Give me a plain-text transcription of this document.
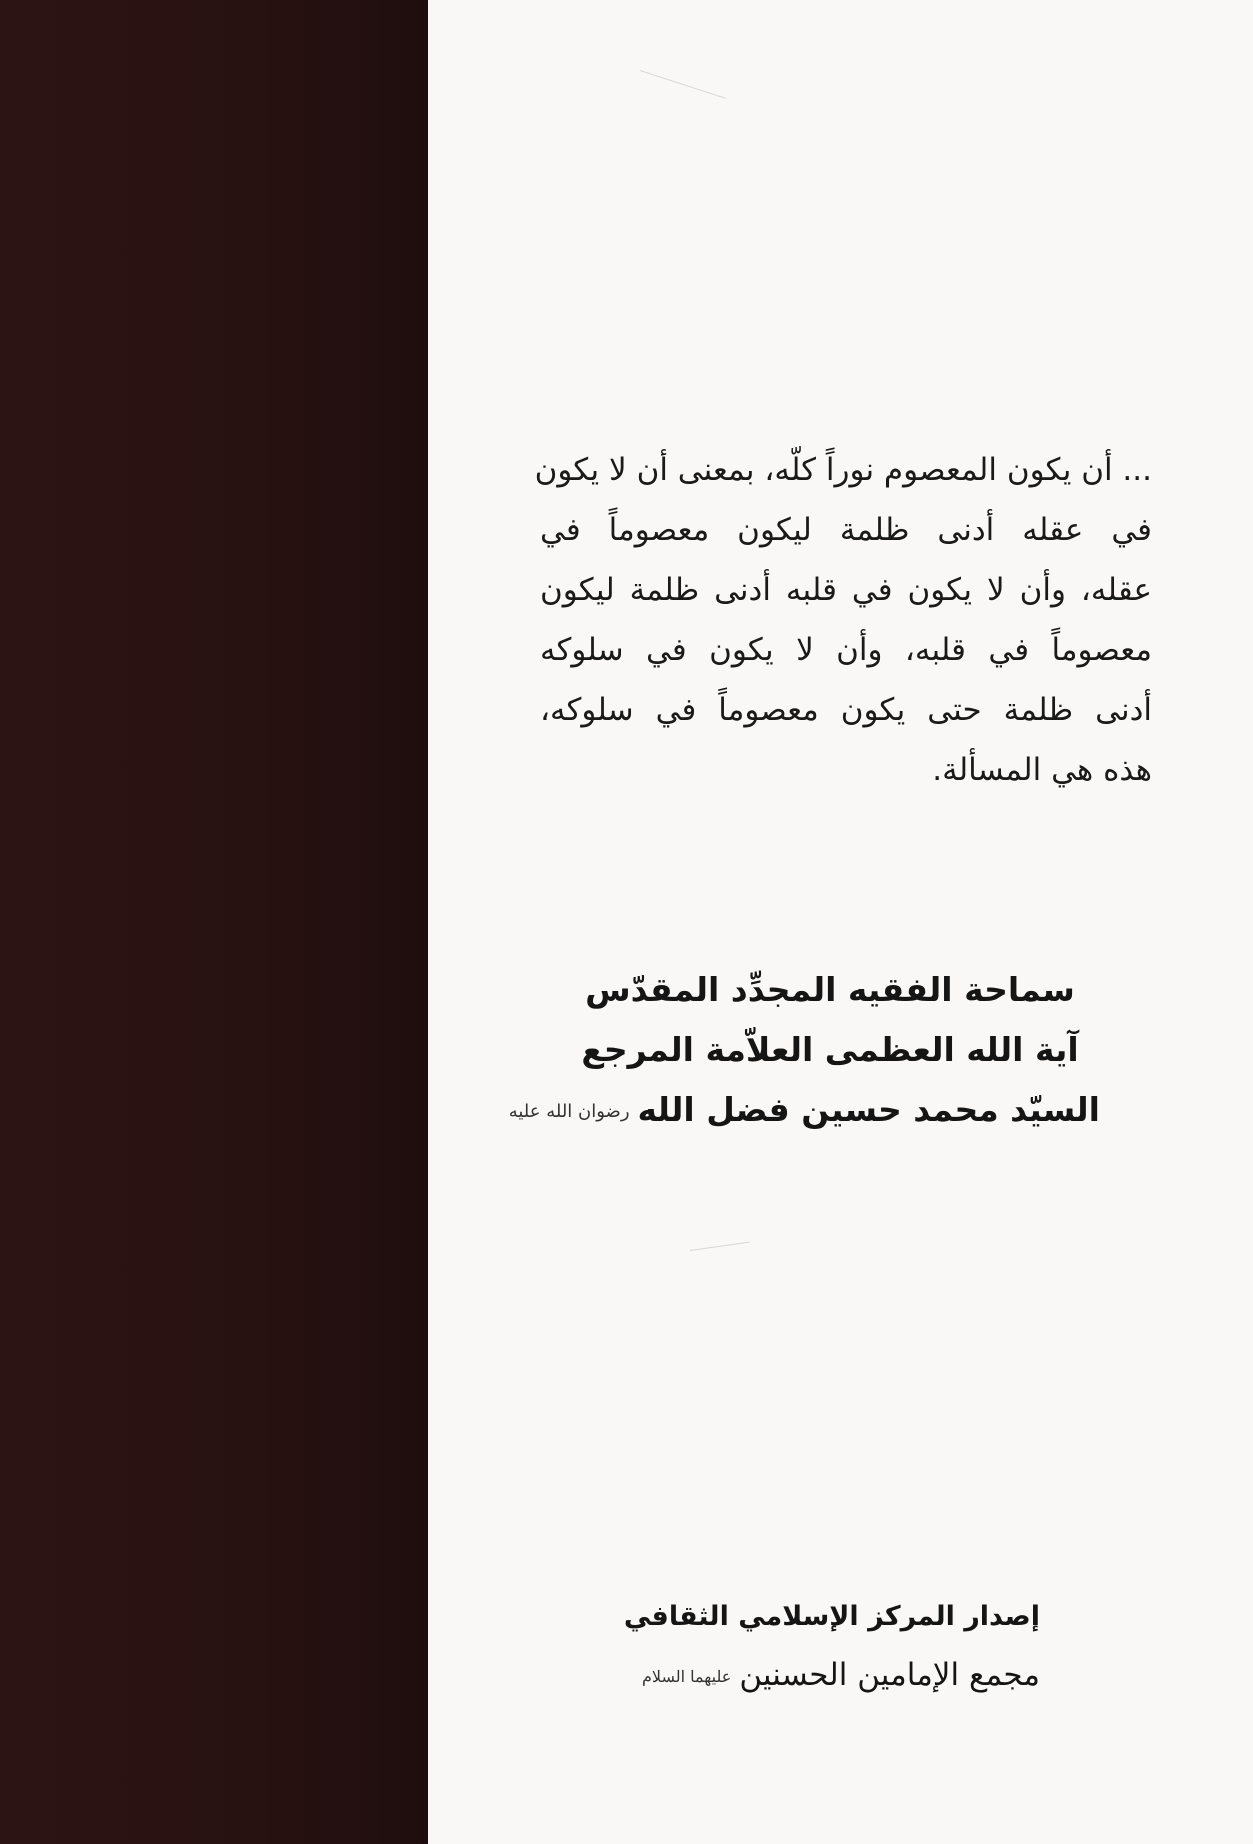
... أن يكون المعصوم نوراً كلّه، بمعنى أن لا يكون
في عقله أدنى ظلمة ليكون معصوماً في
عقله، وأن لا يكون في قلبه أدنى ظلمة ليكون
معصوماً في قلبه، وأن لا يكون في سلوكه
أدنى ظلمة حتى يكون معصوماً في سلوكه،
هذه هي المسألة.
سماحة الفقيه المجدِّد المقدّس
آية الله العظمى العلاّمة المرجع
السيّد محمد حسين فضل اللهرضوان الله عليه
إصدار المركز الإسلامي الثقافي
مجمع الإمامين الحسنينعليهما السلام
